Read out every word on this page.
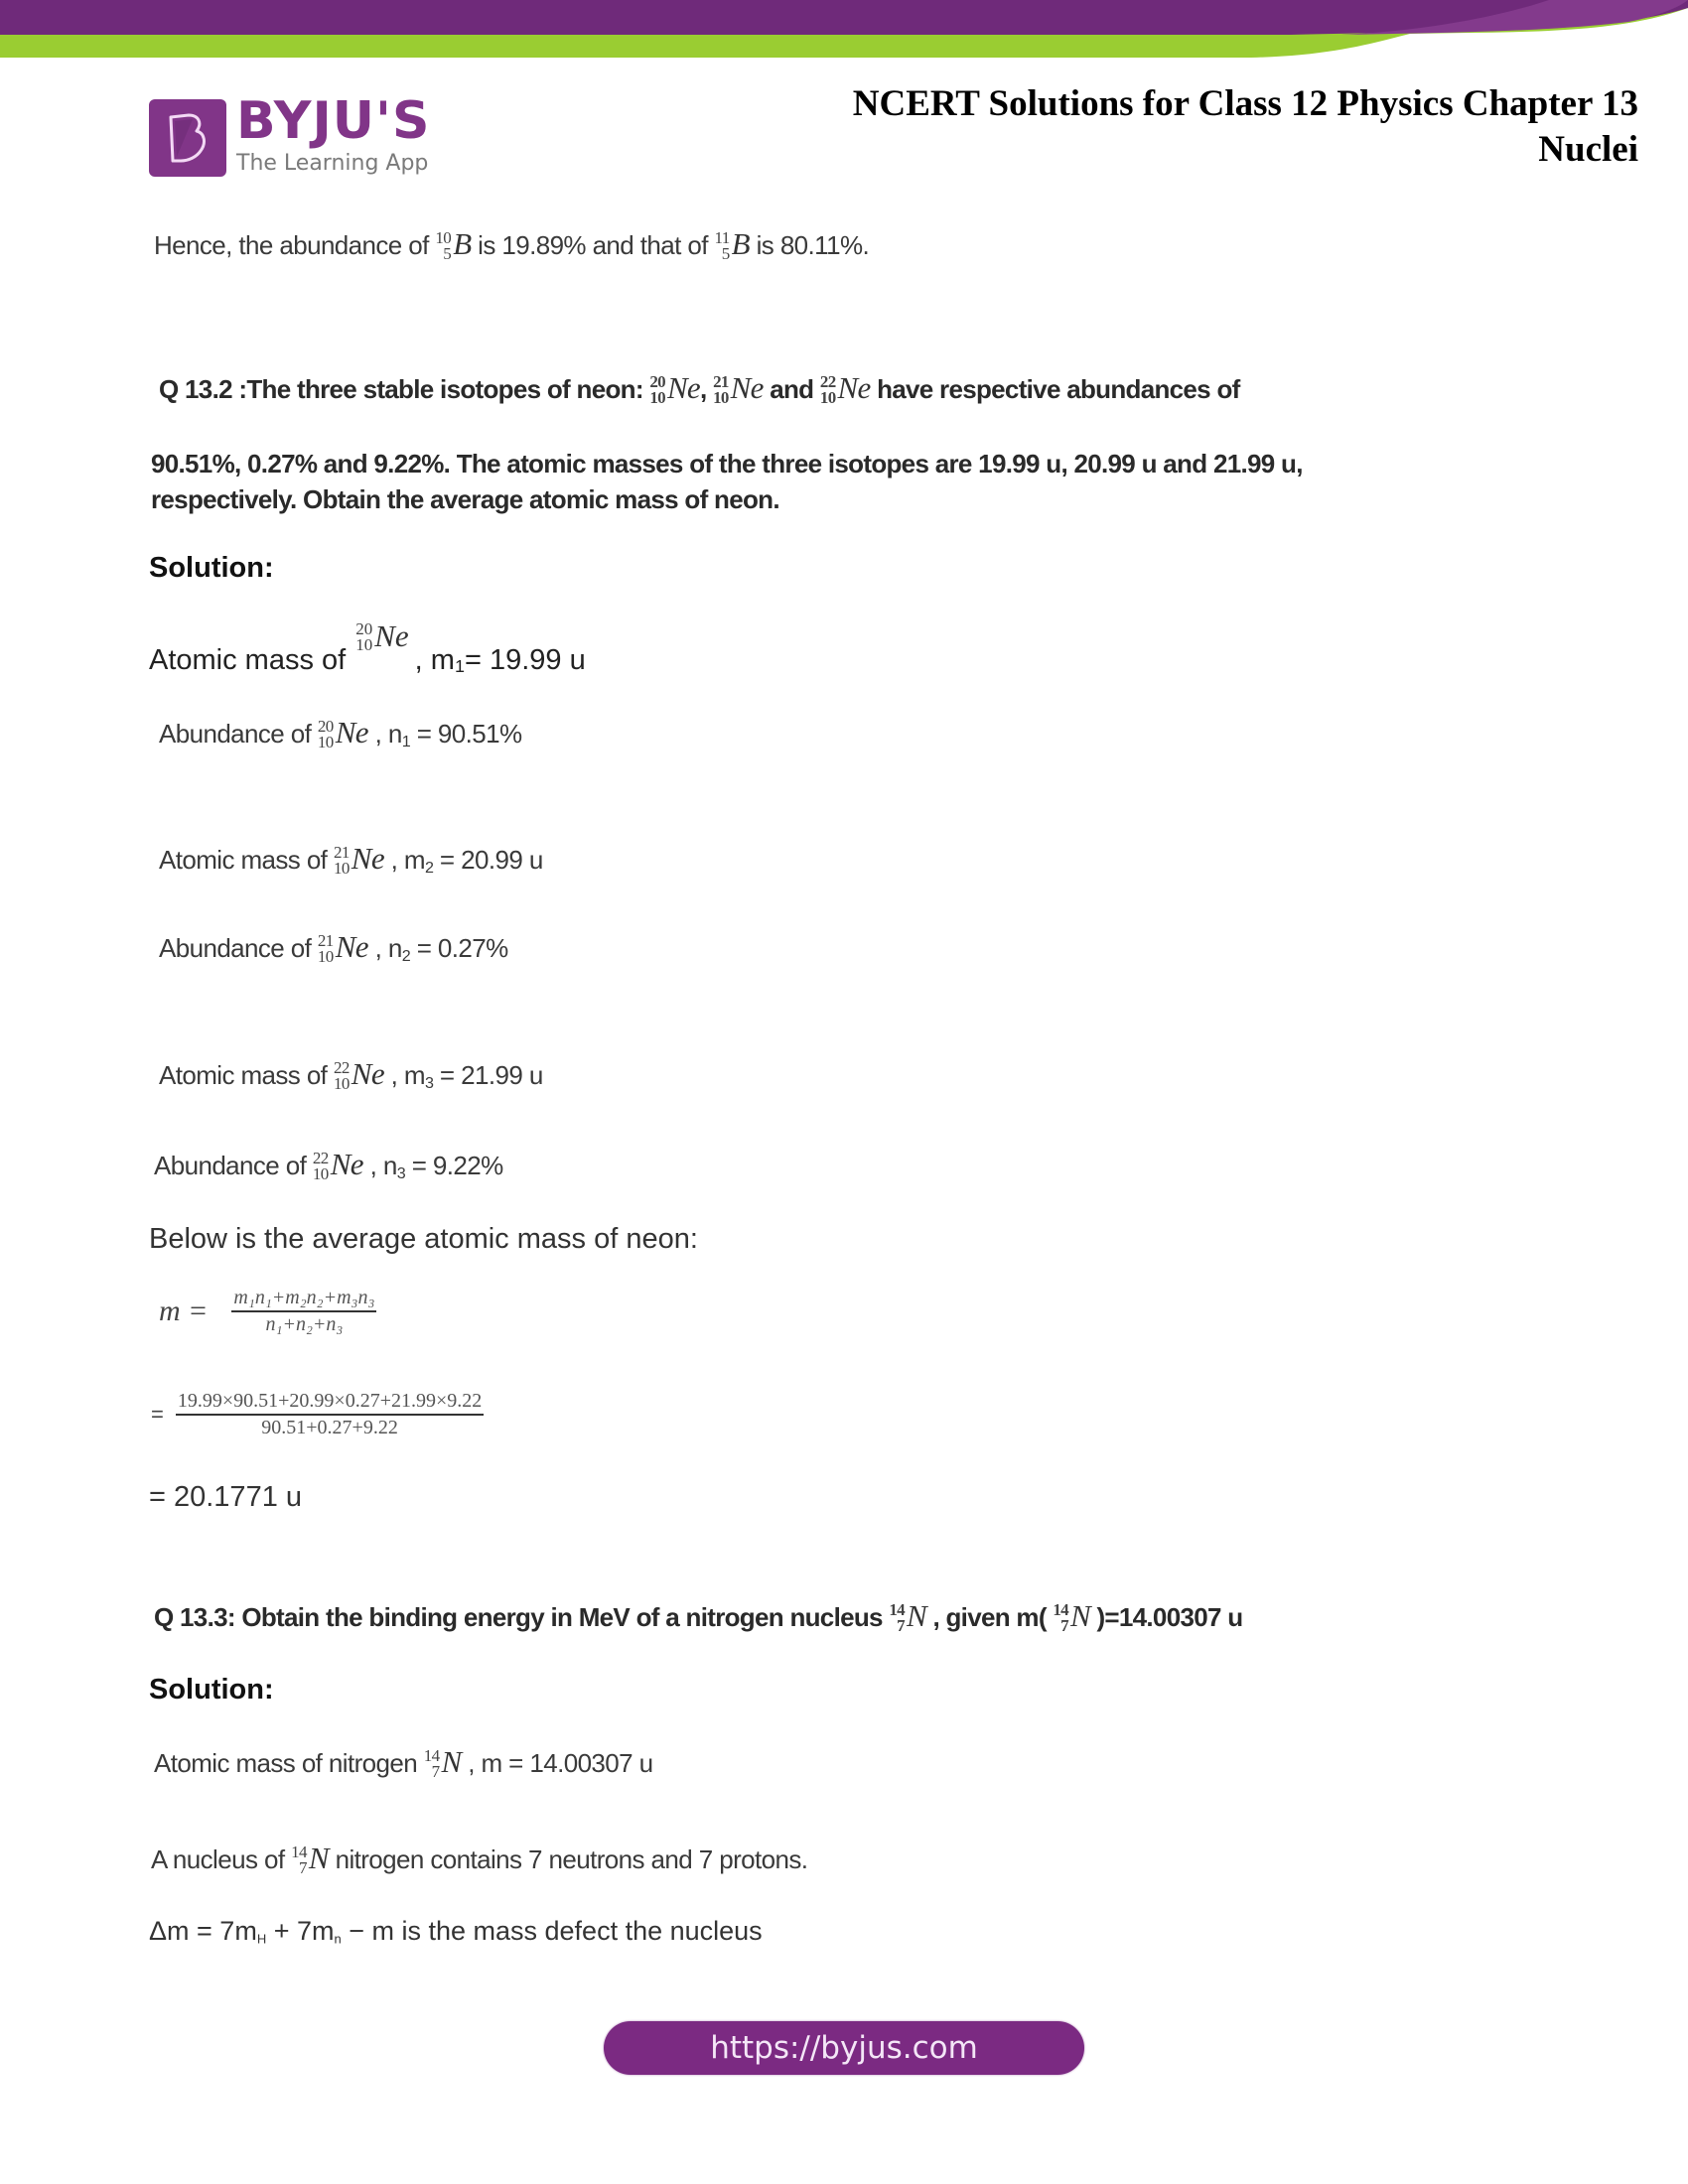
BYJU'S
The Learning App
NCERT Solutions for Class 12 Physics Chapter 13
Nuclei
Hence, the abundance of 10
5 B is 19.89% and that of 11
5 B is 80.11%.
Q 13.2 :The three stable isotopes of neon: 20
10 Ne, 21
10 Ne and 22
10 Ne have respective abundances of
90.51%, 0.27% and 9.22%. The atomic masses of the three isotopes are 19.99 u, 20.99 u and 21.99 u,
respectively. Obtain the average atomic mass of neon.
Solution:
Atomic mass of
20
10 Ne
, m 1 = 19.99 u
Abundance of 20
10 Ne , $n_1 = 90.51\%$
Atomic mass of 21
10 Ne , $m_2 = 20.99$ u
Abundance of 21
10 Ne , $n_2 = 0.27\%$
Atomic mass of 22
10 Ne , $m_3 = 21.99$ u
Abundance of 22
10 Ne , $n_3 = 9.22\%$
Below is the average atomic mass of neon:
$m = \frac{\text{m₁n₁+m₂n₂+m₃n₃}}{\text{n₁+n₂+n₃}}$
= $\frac{19.99\times 90.51+20.99\times 0.27+21.99\times 9.22}{90.51+0.27+9.22}$
= 20.1771 u
Q 13.3: Obtain the binding energy in MeV of a nitrogen nucleus 14
7 N , given m( 14
7 N )=14.00307 u
Solution:
Atomic mass of nitrogen 14
7 N , m = 14.00307 u
A nucleus of 14
7 N nitrogen contains 7 neutrons and 7 protons.
$\Delta m = 7m_H + 7m_n - m$ is the mass defect the nucleus
https://byjus.com
